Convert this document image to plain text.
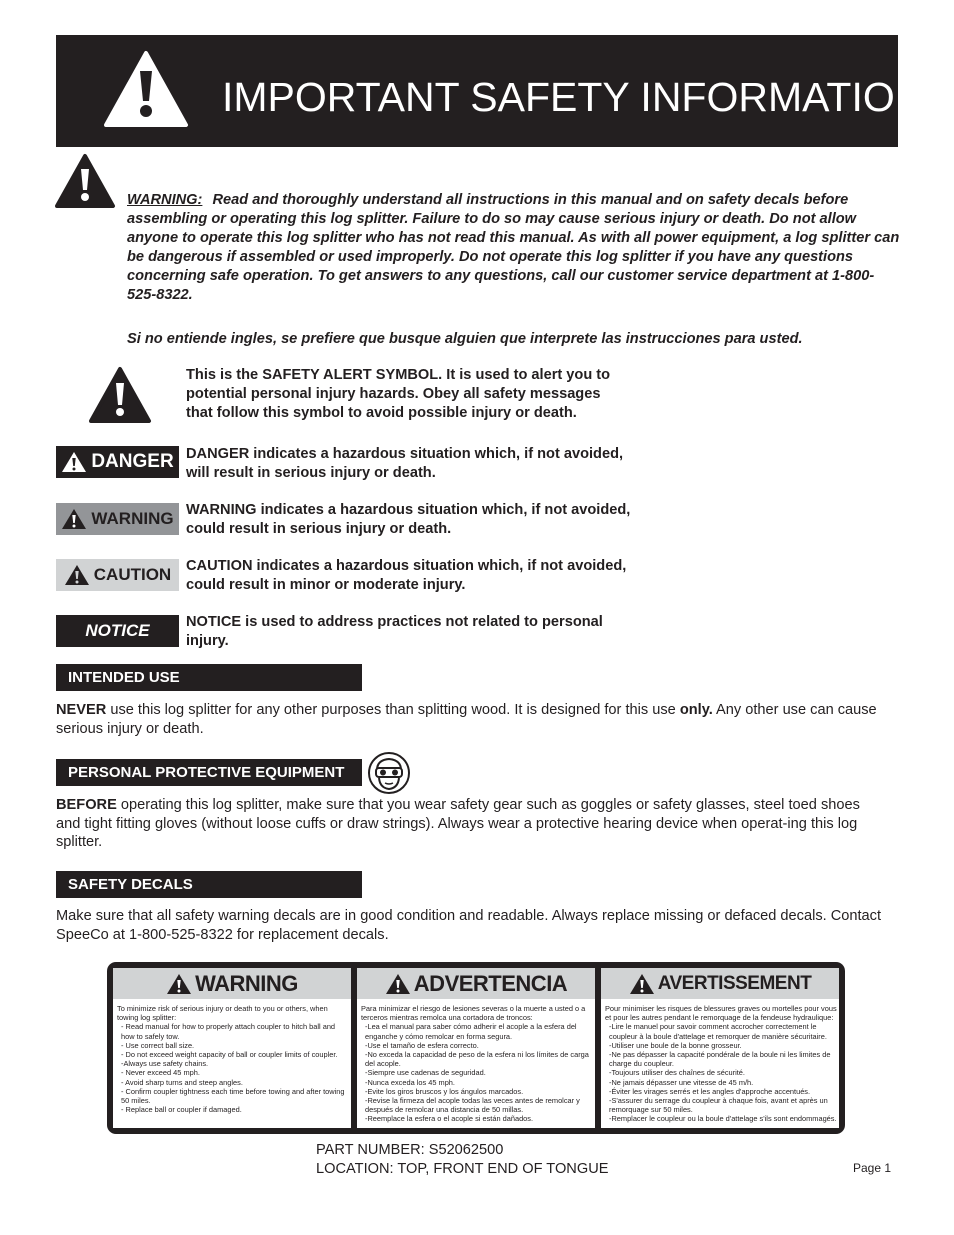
IMPORTANT SAFETY INFORMATION
WARNING: Read and thoroughly understand all instructions in this manual and on safety decals before assembling or operating this log splitter. Failure to do so may cause serious injury or death. Do not allow anyone to operate this log splitter who has not read this manual. As with all power equipment, a log splitter can be dangerous if assembled or used improperly. Do not operate this log splitter if you have any questions concerning safe operation. To get answers to any questions, call our customer service department at 1-800-525-8322.
Si no entiende ingles, se prefiere que busque alguien que interprete las instrucciones para usted.
This is the SAFETY ALERT SYMBOL. It is used to alert you to
potential personal injury hazards. Obey all safety messages
that follow this symbol to avoid possible injury or death.
DANGER DANGER indicates a hazardous situation which, if not avoided,
will result in serious injury or death.
WARNING WARNING indicates a hazardous situation which, if not avoided,
could result in serious injury or death.
CAUTION CAUTION indicates a hazardous situation which, if not avoided,
could result in minor or moderate injury.
NOTICE NOTICE is used to address practices not related to personal
injury.
INTENDED USE
NEVER use this log splitter for any other purposes than splitting wood. It is designed for this use only. Any other use can cause serious injury or death.
PERSONAL PROTECTIVE EQUIPMENT
BEFORE operating this log splitter, make sure that you wear safety gear such as goggles or safety glasses, steel toed shoes and tight fitting gloves (without loose cuffs or draw strings). Always wear a protective hearing device when operat-ing this log splitter.
SAFETY DECALS
Make sure that all safety warning decals are in good condition and readable. Always replace missing or defaced decals. Contact SpeeCo at 1-800-525-8322 for replacement decals.
WARNING
To minimize risk of serious injury or death to you or others, when towing log splitter:
- Read manual for how to properly attach coupler to hitch ball and how to safely tow.
- Use correct ball size.
- Do not exceed weight capacity of ball or coupler limits of coupler.
-Always use safety chains.
- Never exceed 45 mph.
- Avoid sharp turns and steep angles.
- Confirm coupler tightness each time before towing and after towing 50 miles.
- Replace ball or coupler if damaged.
ADVERTENCIA
Para minimizar el riesgo de lesiones severas o la muerte a usted o a terceros mientras remolca una cortadora de troncos:
-Lea el manual para saber cómo adherir el acople a la esfera del enganche y cómo remolcar en forma segura.
-Use el tamaño de esfera correcto.
-No exceda la capacidad de peso de la esfera ni los límites de carga del acople.
-Siempre use cadenas de seguridad.
-Nunca exceda los 45 mph.
-Evite los giros bruscos y los ángulos marcados.
-Revise la firmeza del acople todas las veces antes de remolcar y después de remolcar una distancia de 50 millas.
-Reemplace la esfera o el acople si están dañados.
AVERTISSEMENT
Pour minimiser les risques de blessures graves ou mortelles pour vous et pour les autres pendant le remorquage de la fendeuse hydraulique:
-Lire le manuel pour savoir comment accrocher correctement le coupleur à la boule d'attelage et remorquer de manière sécuritaire.
-Utiliser une boule de la bonne grosseur.
-Ne pas dépasser la capacité pondérale de la boule ni les limites de charge du coupleur.
-Toujours utiliser des chaînes de sécurité.
-Ne jamais dépasser une vitesse de 45 m/h.
-Éviter les virages serrés et les angles d'approche accentués.
-S'assurer du serrage du coupleur à chaque fois, avant et après un remorquage sur 50 miles.
-Remplacer le coupleur ou la boule d'attelage s'ils sont endommagés.
PART NUMBER: S52062500
LOCATION: TOP, FRONT END OF TONGUE	Page 1
